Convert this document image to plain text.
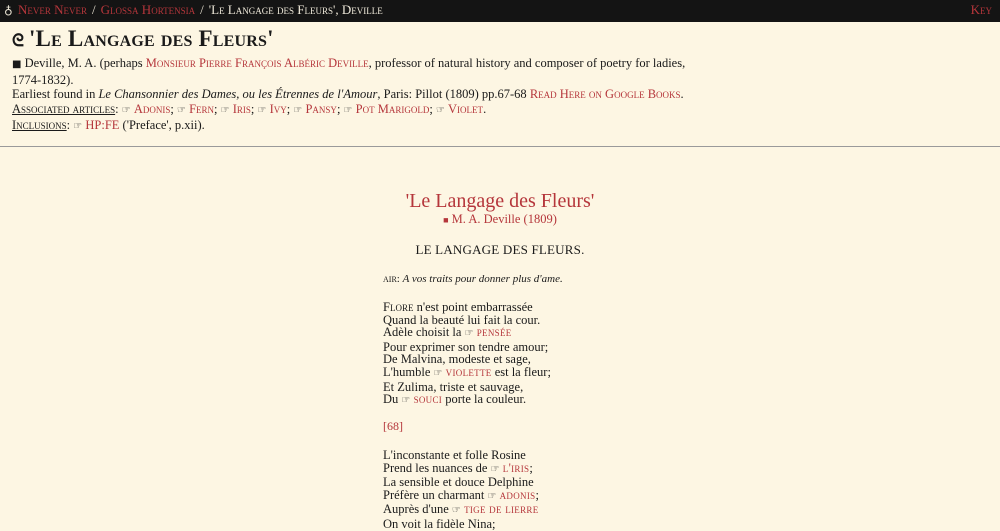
♁ Never Never / Glossa Hortensia / 'Le Langage des Fleurs', Deville	Key
ᘓ 'Le Langage des Fleurs'

■ Deville, M. A. (perhaps Monsieur Pierre François Albéric Deville, professor of natural history and composer of poetry for ladies, 1774-1832).

Earliest found in Le Chansonnier des Dames, ou les Étrennes de l'Amour, Paris: Pillot (1809) pp.67-68 Read Here on Google Books.

Associated articles: ☞ Adonis; ☞ Fern; ☞ Iris; ☞ Ivy; ☞ Pansy; ☞ Pot Marigold; ☞ Violet.

Inclusions: ☞ HP:FE ('Preface', p.xii).

'Le Langage des Fleurs'
■ M. A. Deville (1809)
LE LANGAGE DES FLEURS.
air: A vos traits pour donner plus d'ame.
Flore n'est point embarrassée
Quand la beauté lui fait la cour.
Adèle choisit la ☞ pensée
Pour exprimer son tendre amour;
De Malvina, modeste et sage,
L'humble ☞ violette est la fleur;
Et Zulima, triste et sauvage,
Du ☞ souci porte la couleur.
[68]
L'inconstante et folle Rosine
Prend les nuances de ☞ l'iris;
La sensible et douce Delphine
Préfère un charmant ☞ adonis;
Auprès d'une ☞ tige de lierre
On voit la fidèle Nina;
